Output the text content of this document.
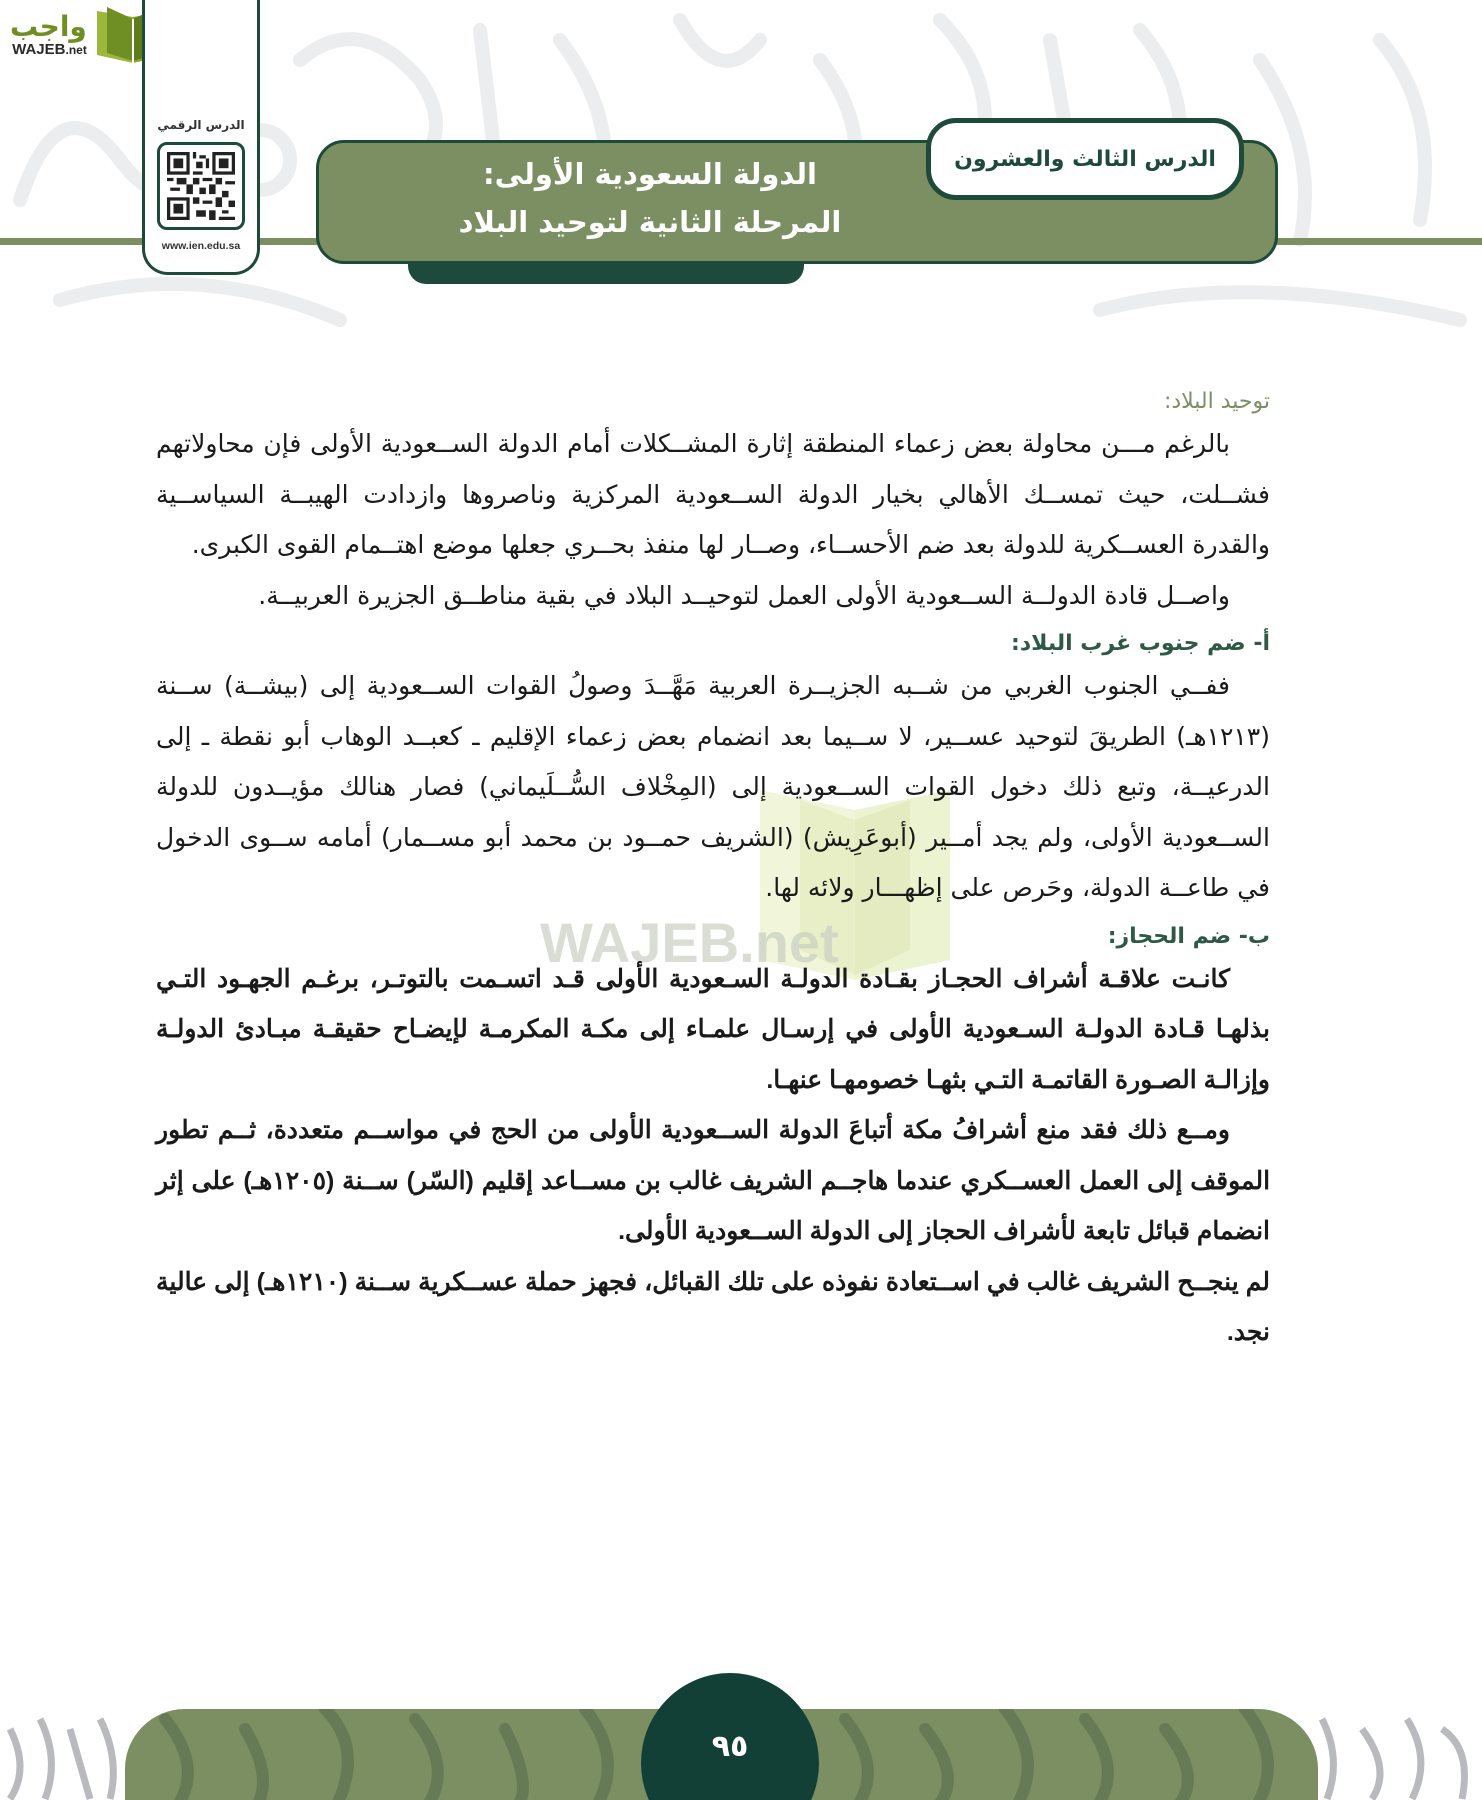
واجب
WAJEB.net
الدرس الرقمي
www.ien.edu.sa
الدولة السعودية الأولى:
المرحلة الثانية لتوحيد البلاد
الدرس الثالث والعشرون
WAJEB.net
توحيد البلاد:

بالرغم مـــن محاولة بعض زعماء المنطقة إثارة المشــكلات أمام الدولة الســعودية الأولى فإن محاولاتهم فشــلت، حيث تمســك الأهالي بخيار الدولة الســعودية المركزية وناصروها وازدادت الهيبــة السياســية والقدرة العســكرية للدولة بعد ضم الأحســاء، وصــار لها منفذ بحــري جعلها موضع اهتــمام القوى الكبرى.

واصــل قادة الدولــة الســعودية الأولى العمل لتوحيــد البلاد في بقية مناطــق الجزيرة العربيــة.

أ- ضم جنوب غرب البلاد:

ففــي الجنوب الغربي من شــبه الجزيــرة العربية مَهَّــدَ وصولُ القوات الســعودية إلى (بيشــة) ســنة (١٢١٣هـ) الطريقَ لتوحيد عســير، لا ســيما بعد انضمام بعض زعماء الإقليم ـ كعبــد الوهاب أبو نقطة ـ إلى الدرعيــة، وتبع ذلك دخول القوات الســعودية إلى (المِخْلاف السُّــلَيماني) فصار هنالك مؤيــدون للدولة الســعودية الأولى، ولم يجد أمــير (أبوعَرِيش) (الشريف حمــود بن محمد أبو مســمار) أمامه ســوى الدخول في طاعــة الدولة، وحَرص على إظهـــار ولائه لها.

ب- ضم الحجاز:

كانـت علاقـة أشراف الحجـاز بقـادة الدولـة السـعودية الأولى قـد اتسـمت بالتوتـر، برغـم الجهـود التـي بذلهـا قـادة الدولـة السـعودية الأولى في إرسـال علمـاء إلى مكـة المكرمـة لإيضـاح حقيقـة مبـادئ الدولـة وإزالـة الصـورة القاتمـة التـي بثهـا خصومهـا عنهـا.

ومــع ذلك فقد منع أشرافُ مكة أتباعَ الدولة الســعودية الأولى من الحج في مواســم متعددة، ثــم تطور الموقف إلى العمل العســكري عندما هاجــم الشريف غالب بن مســاعد إقليم (السّر) ســنة (١٢٠٥هـ) على إثر انضمام قبائل تابعة لأشراف الحجاز إلى الدولة الســعودية الأولى.

لم ينجــح الشريف غالب في اســتعادة نفوذه على تلك القبائل، فجهز حملة عســكرية ســنة (١٢١٠هـ) إلى عالية نجد.

٩٥
